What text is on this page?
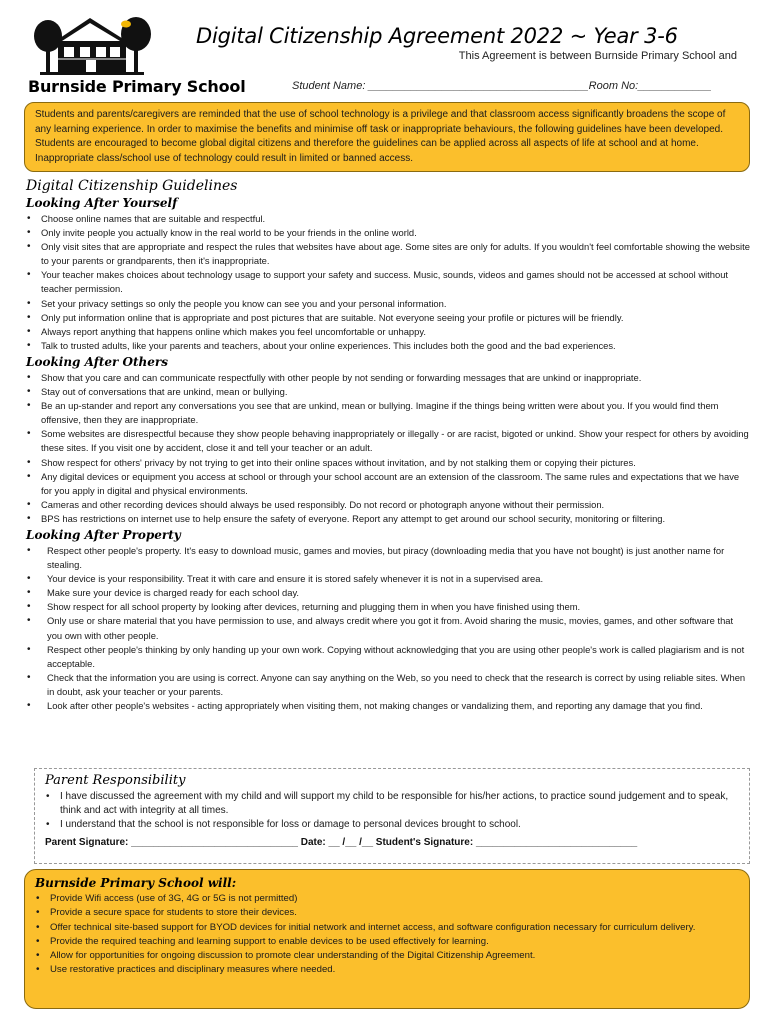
Burnside Primary School
Digital Citizenship Agreement 2022 ~ Year 3-6
This Agreement is between Burnside Primary School and
Student Name: ____________________________________Room No:____________
Students and parents/caregivers are reminded that the use of school technology is a privilege and that classroom access significantly broadens the scope of any learning experience. In order to maximise the benefits and minimise off task or inappropriate behaviours, the following guidelines have been developed. Students are encouraged to become global digital citizens and therefore the guidelines can be applied across all aspects of life at school and at home. Inappropriate class/school use of technology could result in limited or banned access.
Digital Citizenship Guidelines
Looking After Yourself
• Choose online names that are suitable and respectful.
• Only invite people you actually know in the real world to be your friends in the online world.
• Only visit sites that are appropriate and respect the rules that websites have about age. Some sites are only for adults. If you wouldn't feel comfortable showing the website to your parents or grandparents, then it's inappropriate.
• Your teacher makes choices about technology usage to support your safety and success. Music, sounds, videos and games should not be accessed at school without teacher permission.
• Set your privacy settings so only the people you know can see you and your personal information.
• Only put information online that is appropriate and post pictures that are suitable. Not everyone seeing your profile or pictures will be friendly.
• Always report anything that happens online which makes you feel uncomfortable or unhappy.
• Talk to trusted adults, like your parents and teachers, about your online experiences. This includes both the good and the bad experiences.
Looking After Others
• Show that you care and can communicate respectfully with other people by not sending or forwarding messages that are unkind or inappropriate.
• Stay out of conversations that are unkind, mean or bullying.
• Be an up-stander and report any conversations you see that are unkind, mean or bullying. Imagine if the things being written were about you. If you would find them offensive, then they are inappropriate.
• Some websites are disrespectful because they show people behaving inappropriately or illegally - or are racist, bigoted or unkind. Show your respect for others by avoiding these sites. If you visit one by accident, close it and tell your teacher or an adult.
• Show respect for others' privacy by not trying to get into their online spaces without invitation, and by not stalking them or copying their pictures.
• Any digital devices or equipment you access at school or through your school account are an extension of the classroom. The same rules and expectations that we have for you apply in digital and physical environments.
• Cameras and other recording devices should always be used responsibly. Do not record or photograph anyone without their permission.
• BPS has restrictions on internet use to help ensure the safety of everyone. Report any attempt to get around our school security, monitoring or filtering.
Looking After Property
• Respect other people's property. It's easy to download music, games and movies, but piracy (downloading media that you have not bought) is just another name for stealing.
• Your device is your responsibility. Treat it with care and ensure it is stored safely whenever it is not in a supervised area.
• Make sure your device is charged ready for each school day.
• Show respect for all school property by looking after devices, returning and plugging them in when you have finished using them.
• Only use or share material that you have permission to use, and always credit where you got it from. Avoid sharing the music, movies, games, and other software that you own with other people.
• Respect other people's thinking by only handing up your own work. Copying without acknowledging that you are using other people's work is called plagiarism and is not acceptable.
• Check that the information you are using is correct. Anyone can say anything on the Web, so you need to check that the research is correct by using reliable sites. When in doubt, ask your teacher or your parents.
• Look after other people's websites - acting appropriately when visiting them, not making changes or vandalizing them, and reporting any damage that you find.
Parent Responsibility
• I have discussed the agreement with my child and will support my child to be responsible for his/her actions, to practice sound judgement and to speak, think and act with integrity at all times.
• I understand that the school is not responsible for loss or damage to personal devices brought to school.
Parent Signature: ______________________________ Date: __ /__ /__ Student's Signature: _____________________________
Burnside Primary School will:
• Provide Wifi access (use of 3G, 4G or 5G is not permitted)
• Provide a secure space for students to store their devices.
• Offer technical site-based support for BYOD devices for initial network and internet access, and software configuration necessary for curriculum delivery.
• Provide the required teaching and learning support to enable devices to be used effectively for learning.
• Allow for opportunities for ongoing discussion to promote clear understanding of the Digital Citizenship Agreement.
• Use restorative practices and disciplinary measures where needed.
